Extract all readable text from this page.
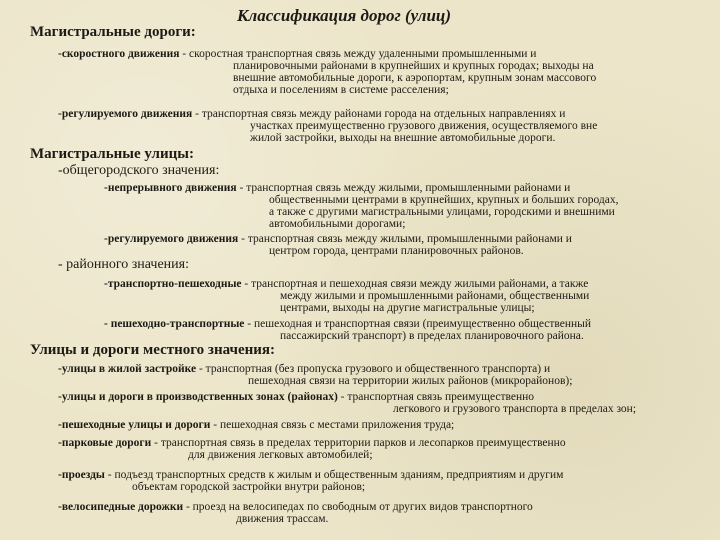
Классификация дорог (улиц)
Магистральные дороги:
-скоростного движения - скоростная транспортная связь между удаленными промышленными и
планировочными районами в крупнейших и крупных городах; выходы на
внешние автомобильные дороги, к аэропортам, крупным зонам массового
отдыха и поселениям в системе расселения;
-регулируемого движения - транспортная связь между районами города на отдельных направлениях и
участках преимущественно грузового движения, осуществляемого вне
жилой застройки, выходы на внешние автомобильные дороги.
Магистральные улицы:
-общегородского значения:
-непрерывного движения - транспортная связь между жилыми, промышленными районами и
общественными центрами в крупнейших, крупных и больших городах,
а также с другими магистральными улицами, городскими и внешними
автомобильными дорогами;
-регулируемого движения - транспортная связь между жилыми, промышленными районами и
центром города, центрами планировочных районов.
- районного значения:
-транспортно-пешеходные - транспортная и пешеходная связи между жилыми районами, а также
между жилыми и промышленными районами, общественными
центрами, выходы на другие магистральные улицы;
- пешеходно-транспортные - пешеходная и транспортная связи (преимущественно общественный
пассажирский транспорт) в пределах планировочного района.
Улицы и дороги местного значения:
-улицы в жилой застройке - транспортная (без пропуска грузового и общественного транспорта) и
пешеходная связи на территории жилых районов (микрорайонов);
-улицы и дороги в производственных зонах (районах) - транспортная связь преимущественно
легкового и грузового транспорта в пределах зон;
-пешеходные улицы и дороги - пешеходная связь с местами приложения труда;
-парковые дороги - транспортная связь в пределах территории парков и лесопарков преимущественно
для движения легковых автомобилей;
-проезды - подъезд транспортных средств к жилым и общественным зданиям, предприятиям и другим
объектам городской застройки внутри районов;
-велосипедные дорожки - проезд на велосипедах по свободным от других видов транспортного
движения трассам.
